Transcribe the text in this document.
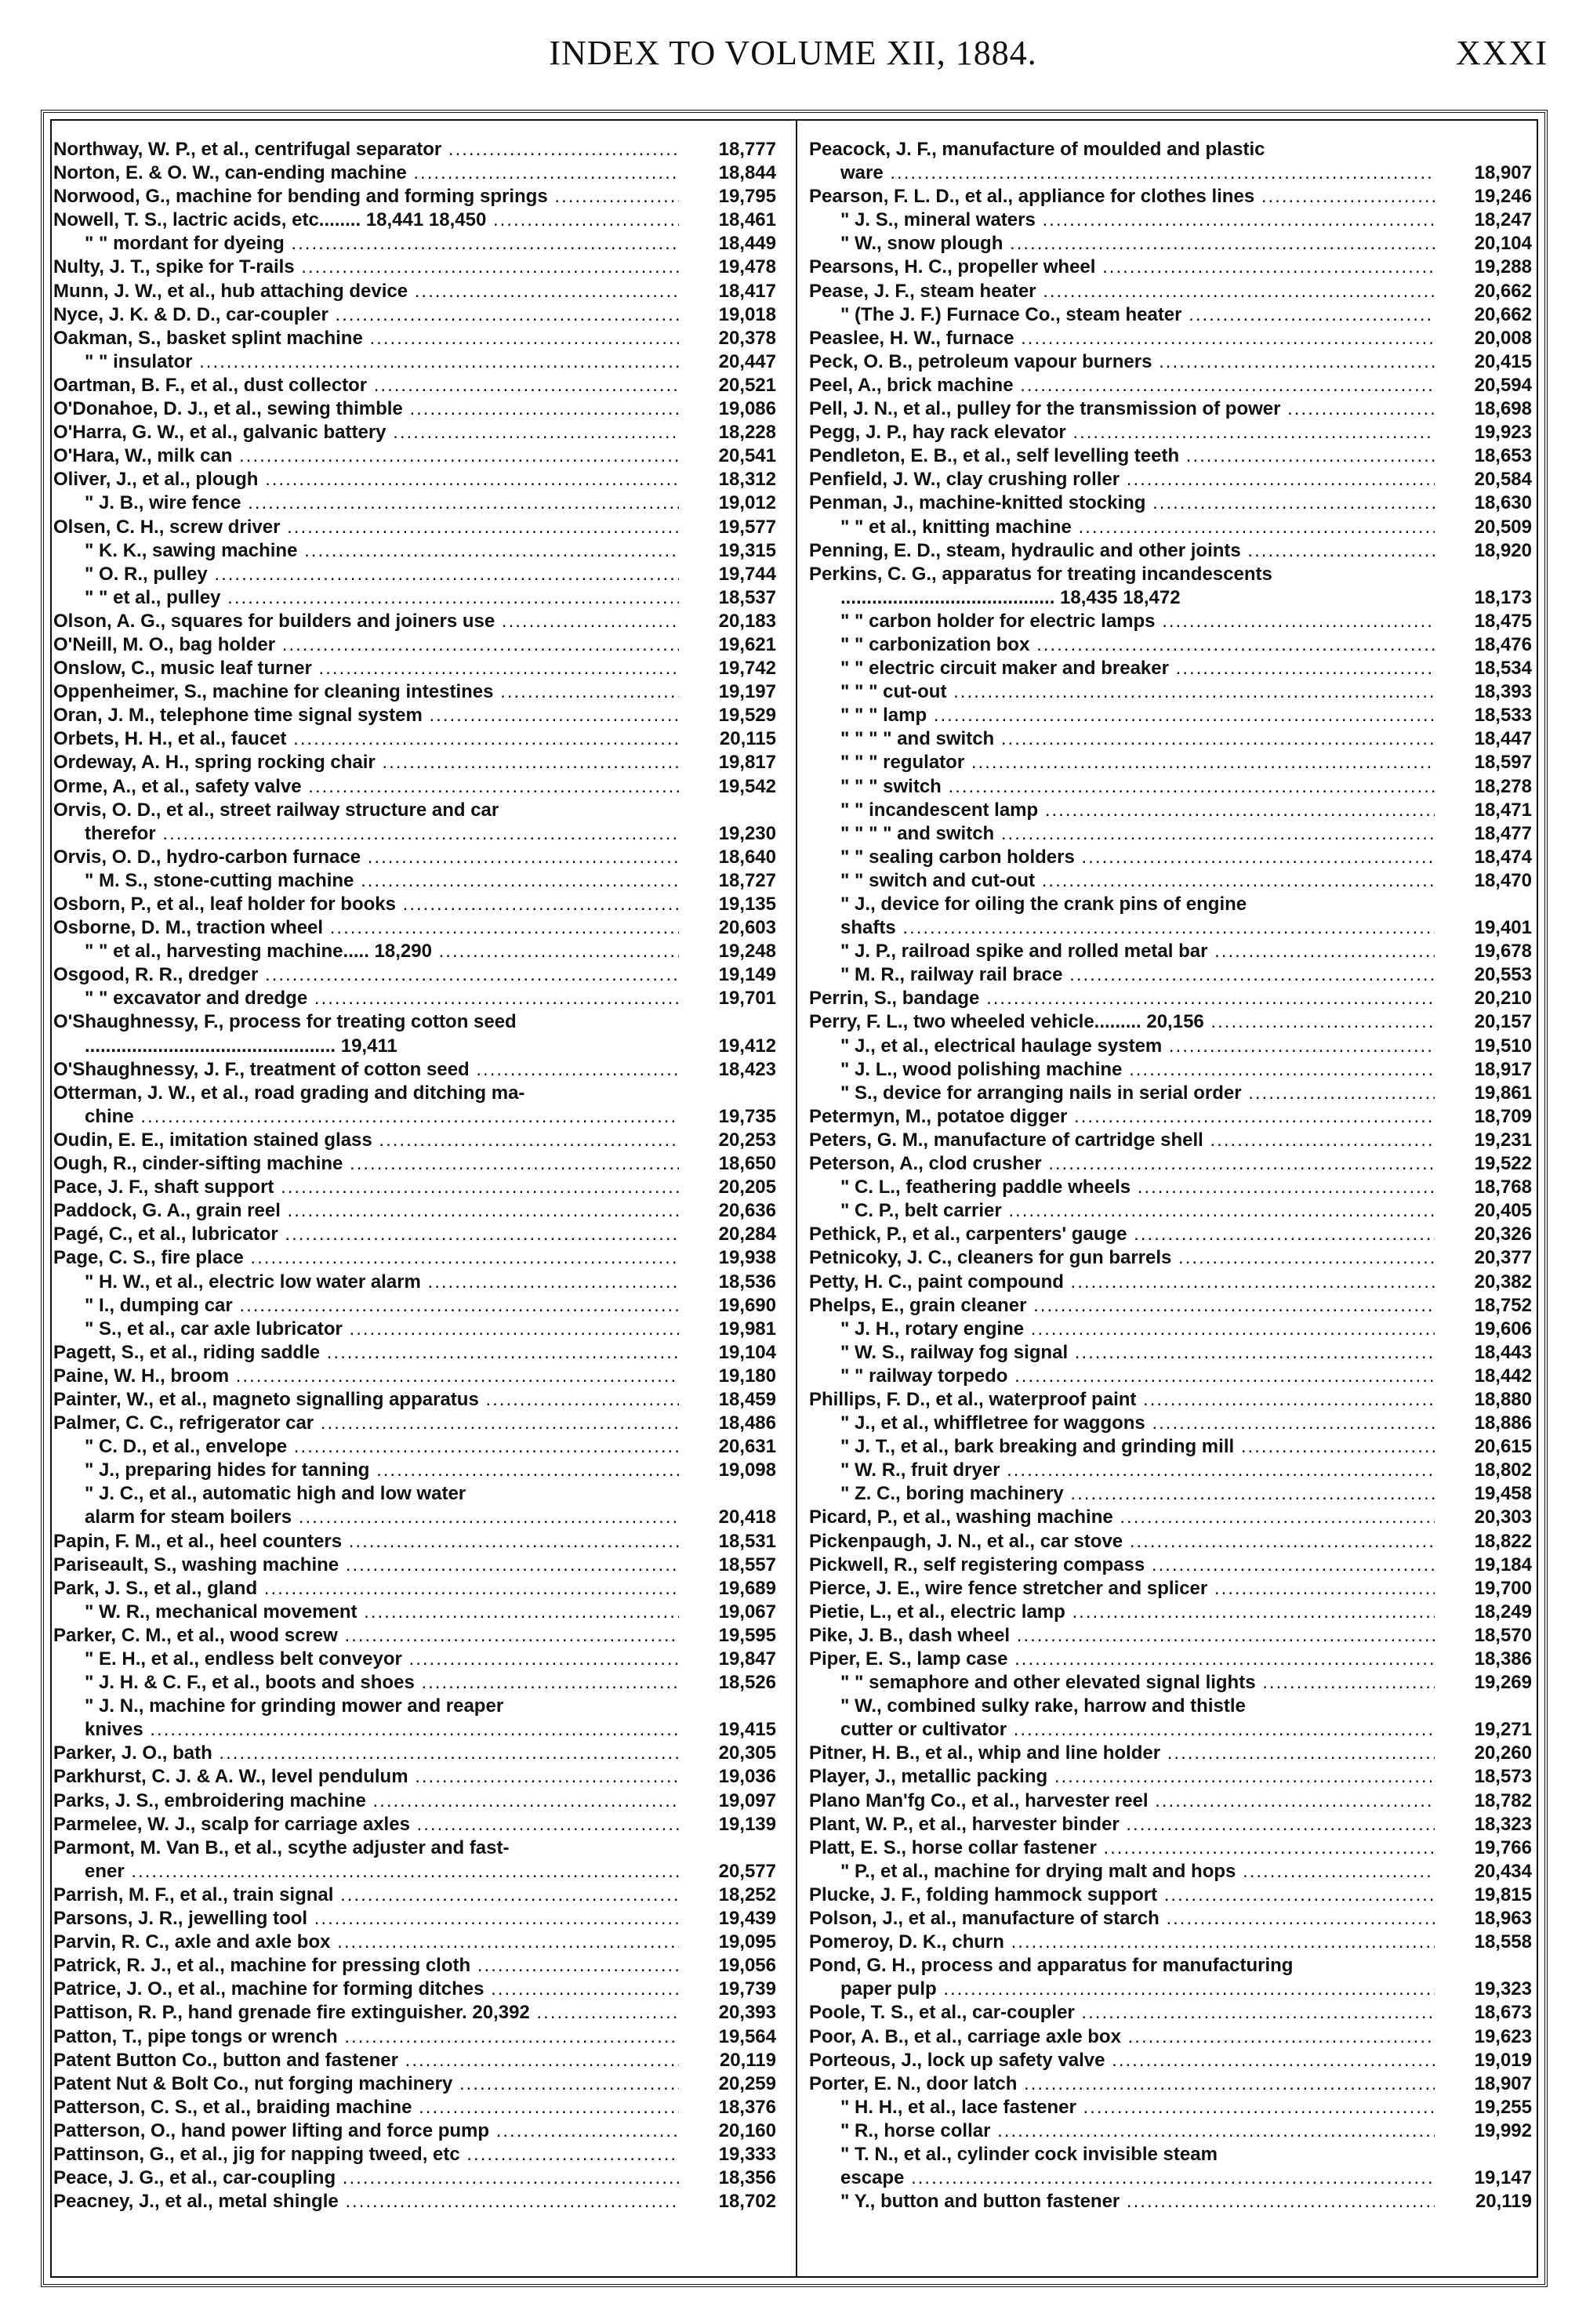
INDEX TO VOLUME XII, 1884.	XXXI
Northway, W. P., et al., centrifugal separator .....	18,777
Norton, E. & O. W., can-ending machine .....	18,844
Norwood, G., machine for bending and forming springs .....	19,795
Nowell, T. S., lactric acids, etc........ 18,441 18,450 .....	18,461
" " mordant for dyeing .....	18,449
Nulty, J. T., spike for T-rails .....	19,478
Munn, J. W., et al., hub attaching device .....	18,417
Nyce, J. K. & D. D., car-coupler .....	19,018
Oakman, S., basket splint machine .....	20,378
" " insulator .....	20,447
Oartman, B. F., et al., dust collector .....	20,521
O'Donahoe, D. J., et al., sewing thimble .....	19,086
O'Harra, G. W., et al., galvanic battery .....	18,228
O'Hara, W., milk can .....	20,541
Oliver, J., et al., plough .....	18,312
" J. B., wire fence .....	19,012
Olsen, C. H., screw driver .....	19,577
" K. K., sawing machine .....	19,315
" O. R., pulley .....	19,744
" " et al., pulley .....	18,537
Olson, A. G., squares for builders and joiners use .....	20,183
O'Neill, M. O., bag holder .....	19,621
Onslow, C., music leaf turner .....	19,742
Oppenheimer, S., machine for cleaning intestines .....	19,197
Oran, J. M., telephone time signal system .....	19,529
Orbets, H. H., et al., faucet .....	20,115
Ordeway, A. H., spring rocking chair .....	19,817
Orme, A., et al., safety valve .....	19,542
Orvis, O. D., et al., street railway structure and car
therefor .....	19,230
Orvis, O. D., hydro-carbon furnace .....	18,640
" M. S., stone-cutting machine .....	18,727
Osborn, P., et al., leaf holder for books .....	19,135
Osborne, D. M., traction wheel .....	20,603
" " et al., harvesting machine..... 18,290 .....	19,248
Osgood, R. R., dredger .....	19,149
" " excavator and dredge .....	19,701
O'Shaughnessy, F., process for treating cotton seed
................................................ 19,411	19,412
O'Shaughnessy, J. F., treatment of cotton seed .....	18,423
Otterman, J. W., et al., road grading and ditching ma-
chine .....	19,735
Oudin, E. E., imitation stained glass .....	20,253
Ough, R., cinder-sifting machine .....	18,650
Pace, J. F., shaft support .....	20,205
Paddock, G. A., grain reel .....	20,636
Pagé, C., et al., lubricator .....	20,284
Page, C. S., fire place .....	19,938
" H. W., et al., electric low water alarm .....	18,536
" I., dumping car .....	19,690
" S., et al., car axle lubricator .....	19,981
Pagett, S., et al., riding saddle .....	19,104
Paine, W. H., broom .....	19,180
Painter, W., et al., magneto signalling apparatus .....	18,459
Palmer, C. C., refrigerator car .....	18,486
" C. D., et al., envelope .....	20,631
" J., preparing hides for tanning .....	19,098
" J. C., et al., automatic high and low water
alarm for steam boilers .....	20,418
Papin, F. M., et al., heel counters .....	18,531
Pariseault, S., washing machine .....	18,557
Park, J. S., et al., gland .....	19,689
" W. R., mechanical movement .....	19,067
Parker, C. M., et al., wood screw .....	19,595
" E. H., et al., endless belt conveyor .....	19,847
" J. H. & C. F., et al., boots and shoes .....	18,526
" J. N., machine for grinding mower and reaper
knives .....	19,415
Parker, J. O., bath .....	20,305
Parkhurst, C. J. & A. W., level pendulum .....	19,036
Parks, J. S., embroidering machine .....	19,097
Parmelee, W. J., scalp for carriage axles .....	19,139
Parmont, M. Van B., et al., scythe adjuster and fast-
ener .....	20,577
Parrish, M. F., et al., train signal .....	18,252
Parsons, J. R., jewelling tool .....	19,439
Parvin, R. C., axle and axle box .....	19,095
Patrick, R. J., et al., machine for pressing cloth .....	19,056
Patrice, J. O., et al., machine for forming ditches .....	19,739
Pattison, R. P., hand grenade fire extinguisher. 20,392 .....	20,393
Patton, T., pipe tongs or wrench .....	19,564
Patent Button Co., button and fastener .....	20,119
Patent Nut & Bolt Co., nut forging machinery .....	20,259
Patterson, C. S., et al., braiding machine .....	18,376
Patterson, O., hand power lifting and force pump .....	20,160
Pattinson, G., et al., jig for napping tweed, etc .....	19,333
Peace, J. G., et al., car-coupling .....	18,356
Peacney, J., et al., metal shingle .....	18,702
Peacock, J. F., manufacture of moulded and plastic
ware .....	18,907
Pearson, F. L. D., et al., appliance for clothes lines .....	19,246
" J. S., mineral waters .....	18,247
" W., snow plough .....	20,104
Pearsons, H. C., propeller wheel .....	19,288
Pease, J. F., steam heater .....	20,662
" (The J. F.) Furnace Co., steam heater .....	20,662
Peaslee, H. W., furnace .....	20,008
Peck, O. B., petroleum vapour burners .....	20,415
Peel, A., brick machine .....	20,594
Pell, J. N., et al., pulley for the transmission of power .....	18,698
Pegg, J. P., hay rack elevator .....	19,923
Pendleton, E. B., et al., self levelling teeth .....	18,653
Penfield, J. W., clay crushing roller .....	20,584
Penman, J., machine-knitted stocking .....	18,630
" " et al., knitting machine .....	20,509
Penning, E. D., steam, hydraulic and other joints .....	18,920
Perkins, C. G., apparatus for treating incandescents
......................................... 18,435 18,472	18,173
" " carbon holder for electric lamps .....	18,475
" " carbonization box .....	18,476
" " electric circuit maker and breaker .....	18,534
" " " cut-out .....	18,393
" " " lamp .....	18,533
" " " " and switch .....	18,447
" " " regulator .....	18,597
" " " switch .....	18,278
" " incandescent lamp .....	18,471
" " " " and switch .....	18,477
" " sealing carbon holders .....	18,474
" " switch and cut-out .....	18,470
" J., device for oiling the crank pins of engine
shafts .....	19,401
" J. P., railroad spike and rolled metal bar .....	19,678
" M. R., railway rail brace .....	20,553
Perrin, S., bandage .....	20,210
Perry, F. L., two wheeled vehicle......... 20,156 .....	20,157
" J., et al., electrical haulage system .....	19,510
" J. L., wood polishing machine .....	18,917
" S., device for arranging nails in serial order .....	19,861
Petermyn, M., potatoe digger .....	18,709
Peters, G. M., manufacture of cartridge shell .....	19,231
Peterson, A., clod crusher .....	19,522
" C. L., feathering paddle wheels .....	18,768
" C. P., belt carrier .....	20,405
Pethick, P., et al., carpenters' gauge .....	20,326
Petnicoky, J. C., cleaners for gun barrels .....	20,377
Petty, H. C., paint compound .....	20,382
Phelps, E., grain cleaner .....	18,752
" J. H., rotary engine .....	19,606
" W. S., railway fog signal .....	18,443
" " railway torpedo .....	18,442
Phillips, F. D., et al., waterproof paint .....	18,880
" J., et al., whiffletree for waggons .....	18,886
" J. T., et al., bark breaking and grinding mill .....	20,615
" W. R., fruit dryer .....	18,802
" Z. C., boring machinery .....	19,458
Picard, P., et al., washing machine .....	20,303
Pickenpaugh, J. N., et al., car stove .....	18,822
Pickwell, R., self registering compass .....	19,184
Pierce, J. E., wire fence stretcher and splicer .....	19,700
Pietie, L., et al., electric lamp .....	18,249
Pike, J. B., dash wheel .....	18,570
Piper, E. S., lamp case .....	18,386
" " semaphore and other elevated signal lights .....	19,269
" W., combined sulky rake, harrow and thistle
cutter or cultivator .....	19,271
Pitner, H. B., et al., whip and line holder .....	20,260
Player, J., metallic packing .....	18,573
Plano Man'fg Co., et al., harvester reel .....	18,782
Plant, W. P., et al., harvester binder .....	18,323
Platt, E. S., horse collar fastener .....	19,766
" P., et al., machine for drying malt and hops .....	20,434
Plucke, J. F., folding hammock support .....	19,815
Polson, J., et al., manufacture of starch .....	18,963
Pomeroy, D. K., churn .....	18,558
Pond, G. H., process and apparatus for manufacturing
paper pulp .....	19,323
Poole, T. S., et al., car-coupler .....	18,673
Poor, A. B., et al., carriage axle box .....	19,623
Porteous, J., lock up safety valve .....	19,019
Porter, E. N., door latch .....	18,907
" H. H., et al., lace fastener .....	19,255
" R., horse collar .....	19,992
" T. N., et al., cylinder cock invisible steam
escape .....	19,147
" Y., button and button fastener .....	20,119
